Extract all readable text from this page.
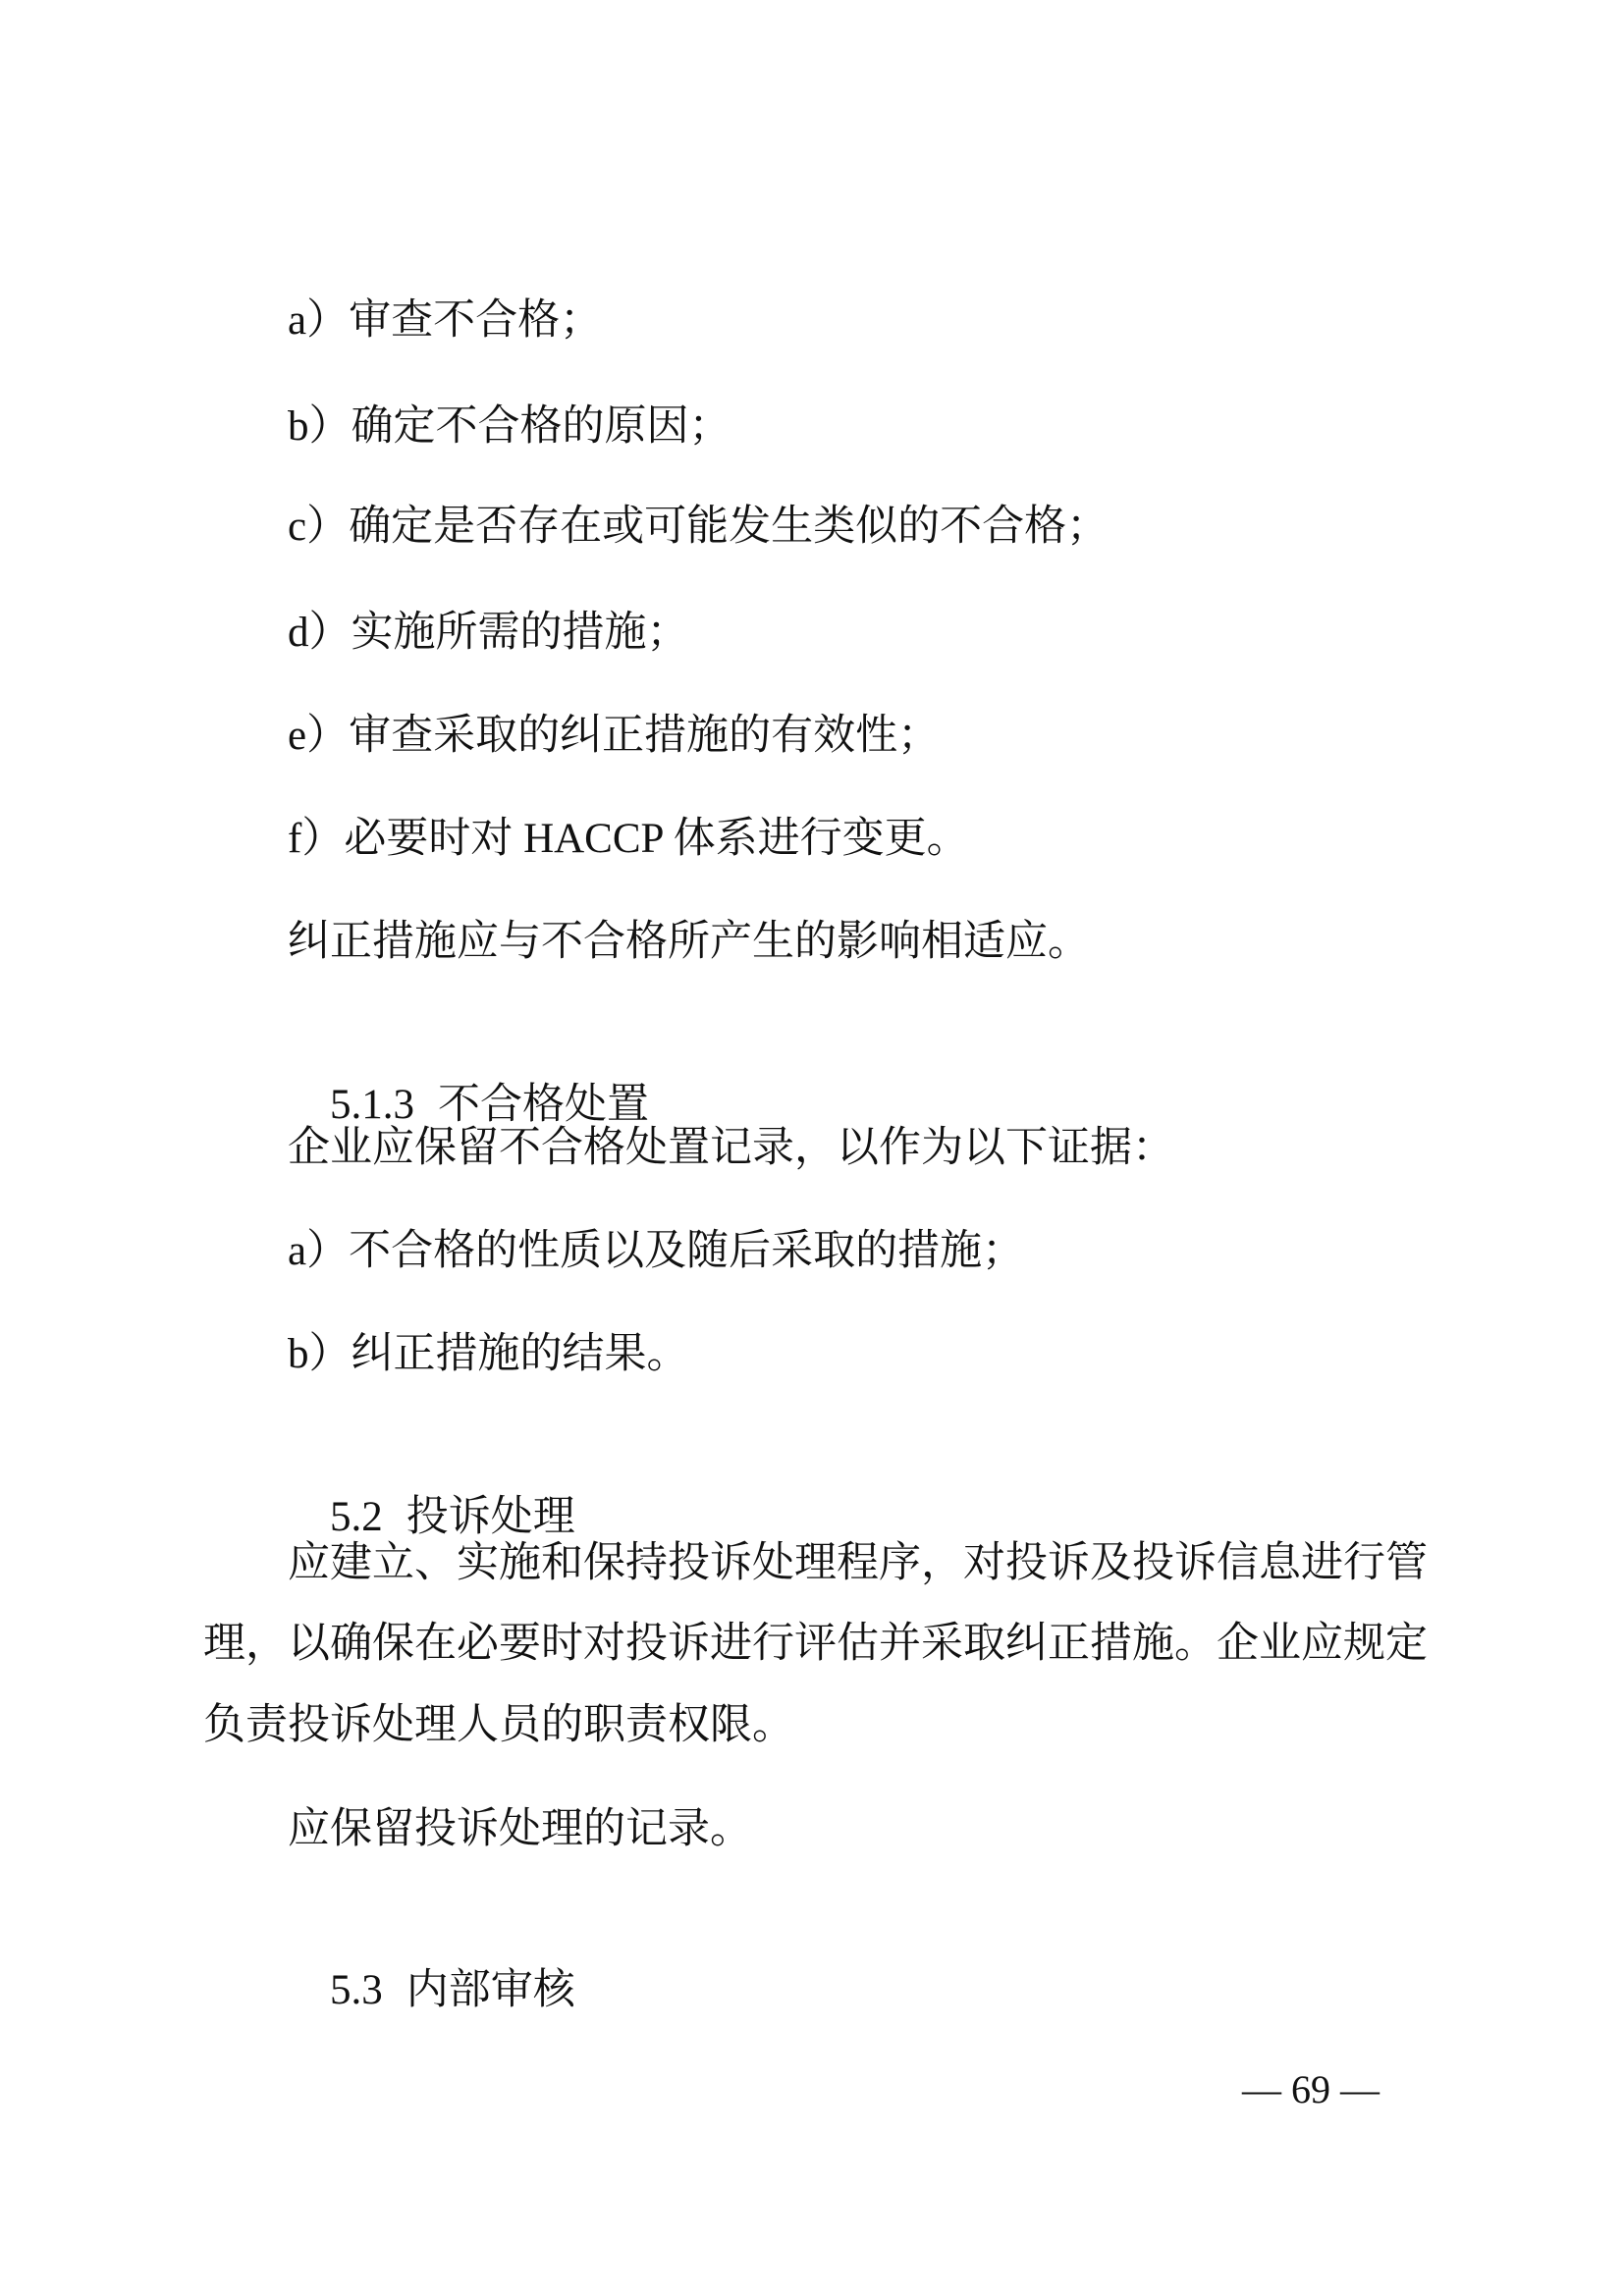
a）审查不合格；
b）确定不合格的原因；
c）确定是否存在或可能发生类似的不合格；
d）实施所需的措施；
e）审查采取的纠正措施的有效性；
f）必要时对 HACCP 体系进行变更。
纠正措施应与不合格所产生的影响相适应。

5.1.3 不合格处置

企业应保留不合格处置记录，以作为以下证据：
a）不合格的性质以及随后采取的措施；
b）纠正措施的结果。

5.2 投诉处理

应建立、实施和保持投诉处理程序，对投诉及投诉信息进行管
理，以确保在必要时对投诉进行评估并采取纠正措施。企业应规定
负责投诉处理人员的职责权限。
应保留投诉处理的记录。

5.3 内部审核

— 69 —
